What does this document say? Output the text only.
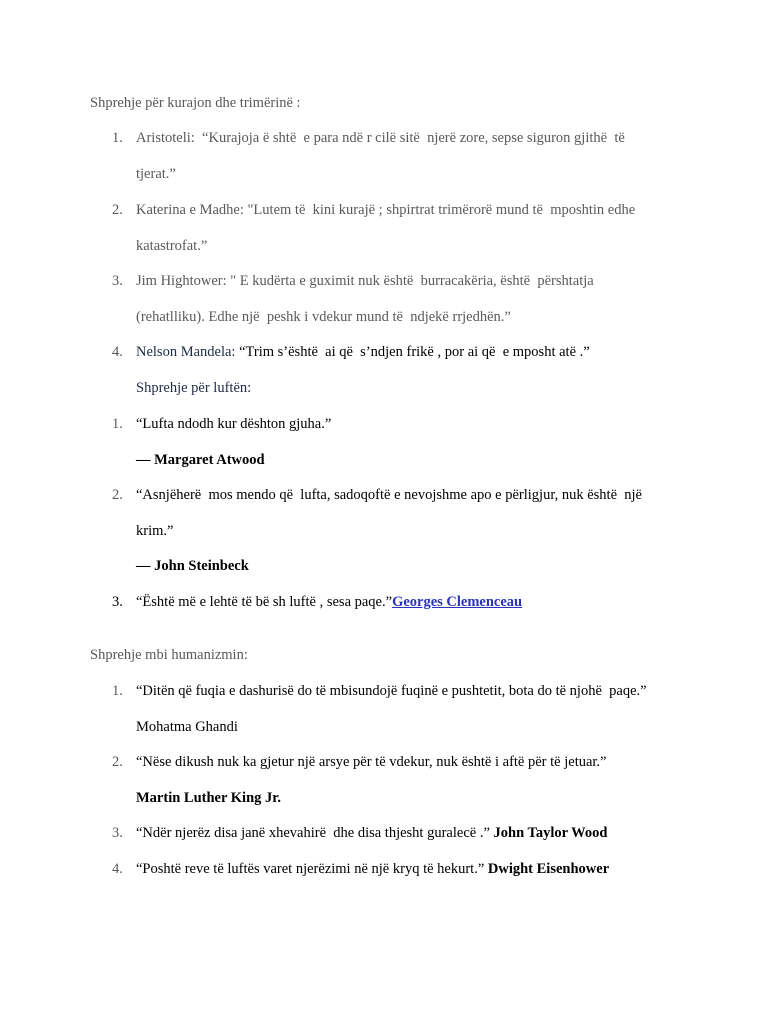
Shprehje për kurajon dhe trimërinë :
1. Aristoteli:  “Kurajoja ë shtë  e para ndë r cilë sitë  njerë zore, sepse siguron gjithë  të
tjerat.”
2. Katerina e Madhe: "Lutem të  kini kurajë ; shpirtrat trimërorë mund të  mposhtin edhe
katastrofat.”
3. Jim Hightower: " E kudërta e guximit nuk është  burracakëria, është  përshtatja
(rehatlliku). Edhe një  peshk i vdekur mund të  ndjekë rrjedhën.”
4. Nelson Mandela: “Trim s’është  ai që  s’ndjen frikë , por ai që  e mposht atë .”
Shprehje për luftën:
1. “Lufta ndodh kur dështon gjuha.”
— Margaret Atwood
2. “Asnjëherë  mos mendo që  lufta, sadoqoftë e nevojshme apo e përligjur, nuk është  një
krim.”
— John Steinbeck
3. “Është më e lehtë të bë sh luftë , sesa paqe.”Georges Clemenceau
Shprehje mbi humanizmin:
1. “Ditën që fuqia e dashurisë do të mbisundojë fuqinë e pushtetit, bota do të njohë  paqe.”
Mohatma Ghandi
2. “Nëse dikush nuk ka gjetur një arsye për të vdekur, nuk është i aftë për të jetuar.”
Martin Luther King Jr.
3. “Ndër njerëz disa janë xhevahirë  dhe disa thjesht guralecë .” John Taylor Wood
4. “Poshtë reve të luftës varet njerëzimi në një kryq të hekurt.” Dwight Eisenhower
